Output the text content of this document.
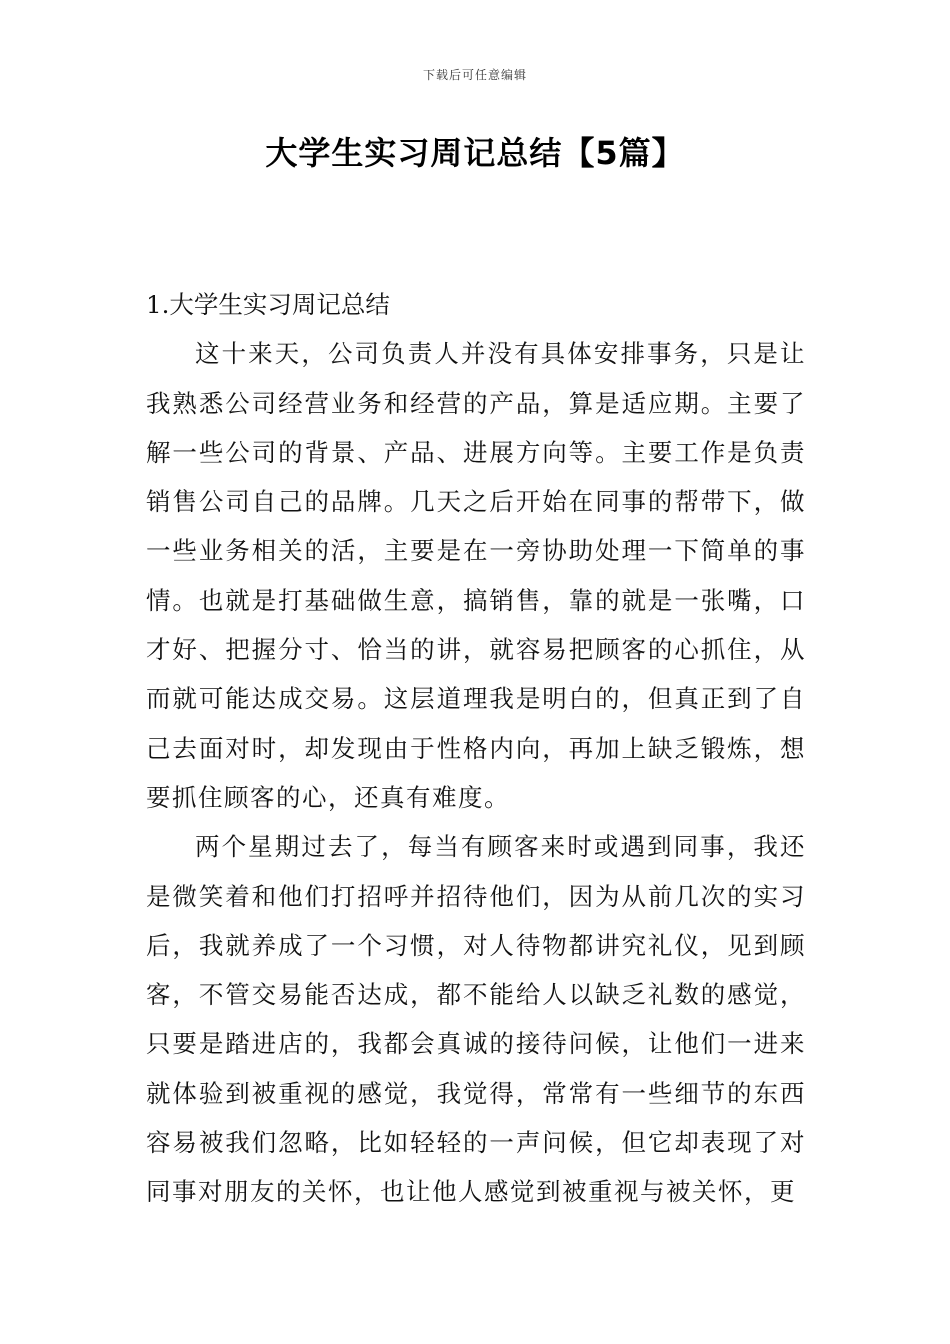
下载后可任意编辑
大学生实习周记总结【5篇】
1.大学生实习周记总结

这十来天，公司负责人并没有具体安排事务，只是让我熟悉公司经营业务和经营的产品，算是适应期。主要了解一些公司的背景、产品、进展方向等。主要工作是负责销售公司自己的品牌。几天之后开始在同事的帮带下，做一些业务相关的活，主要是在一旁协助处理一下简单的事情。也就是打基础做生意，搞销售，靠的就是一张嘴，口才好、把握分寸、恰当的讲，就容易把顾客的心抓住，从而就可能达成交易。这层道理我是明白的，但真正到了自己去面对时，却发现由于性格内向，再加上缺乏锻炼，想要抓住顾客的心，还真有难度。

两个星期过去了，每当有顾客来时或遇到同事，我还是微笑着和他们打招呼并招待他们，因为从前几次的实习后，我就养成了一个习惯，对人待物都讲究礼仪，见到顾客，不管交易能否达成，都不能给人以缺乏礼数的感觉，只要是踏进店的，我都会真诚的接待问候，让他们一进来就体验到被重视的感觉，我觉得，常常有一些细节的东西容易被我们忽略，比如轻轻的一声问候，但它却表现了对同事对朋友的关怀，也让他人感觉到被重视与被关怀，更
